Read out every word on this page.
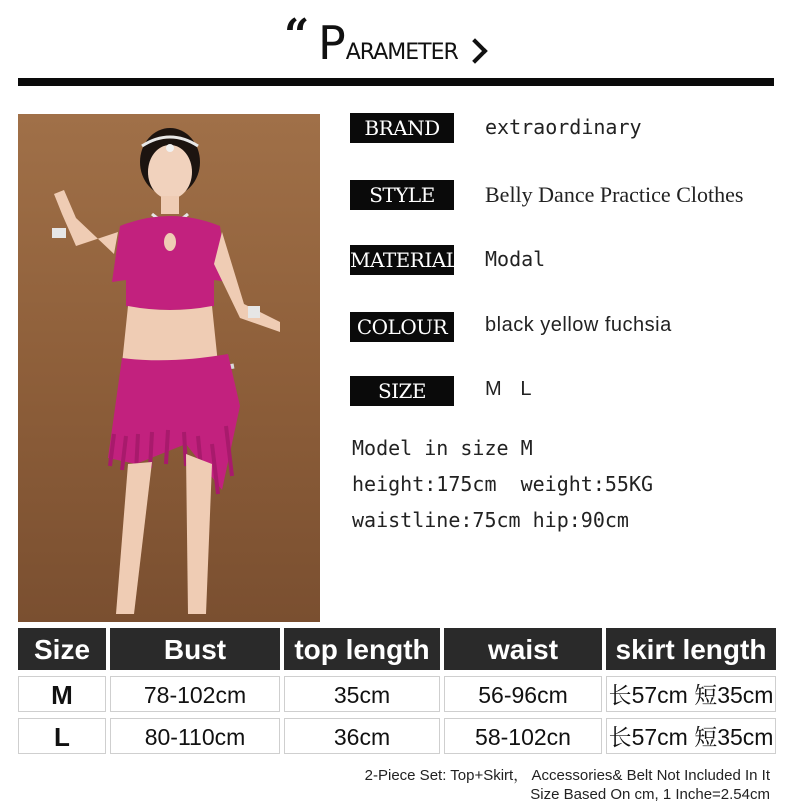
“ PARAMETER
BRAND	extraordinary
STYLE	Belly Dance Practice Clothes
MATERIAL Modal
COLOUR	black yellow fuchsia
SIZE	M   L
Model in size M
height:175cm  weight:55KG
waistline:75cm hip:90cm
Size	Bust	top length	waist	skirt length
M	78-102cm	35cm	56-96cm	长57cm 短35cm
L	80-110cm	36cm	58-102cn	长57cm 短35cm
2-Piece Set: Top+Skirt， Accessories& Belt Not Included In It
Size Based On cm, 1 Inche=2.54cm
